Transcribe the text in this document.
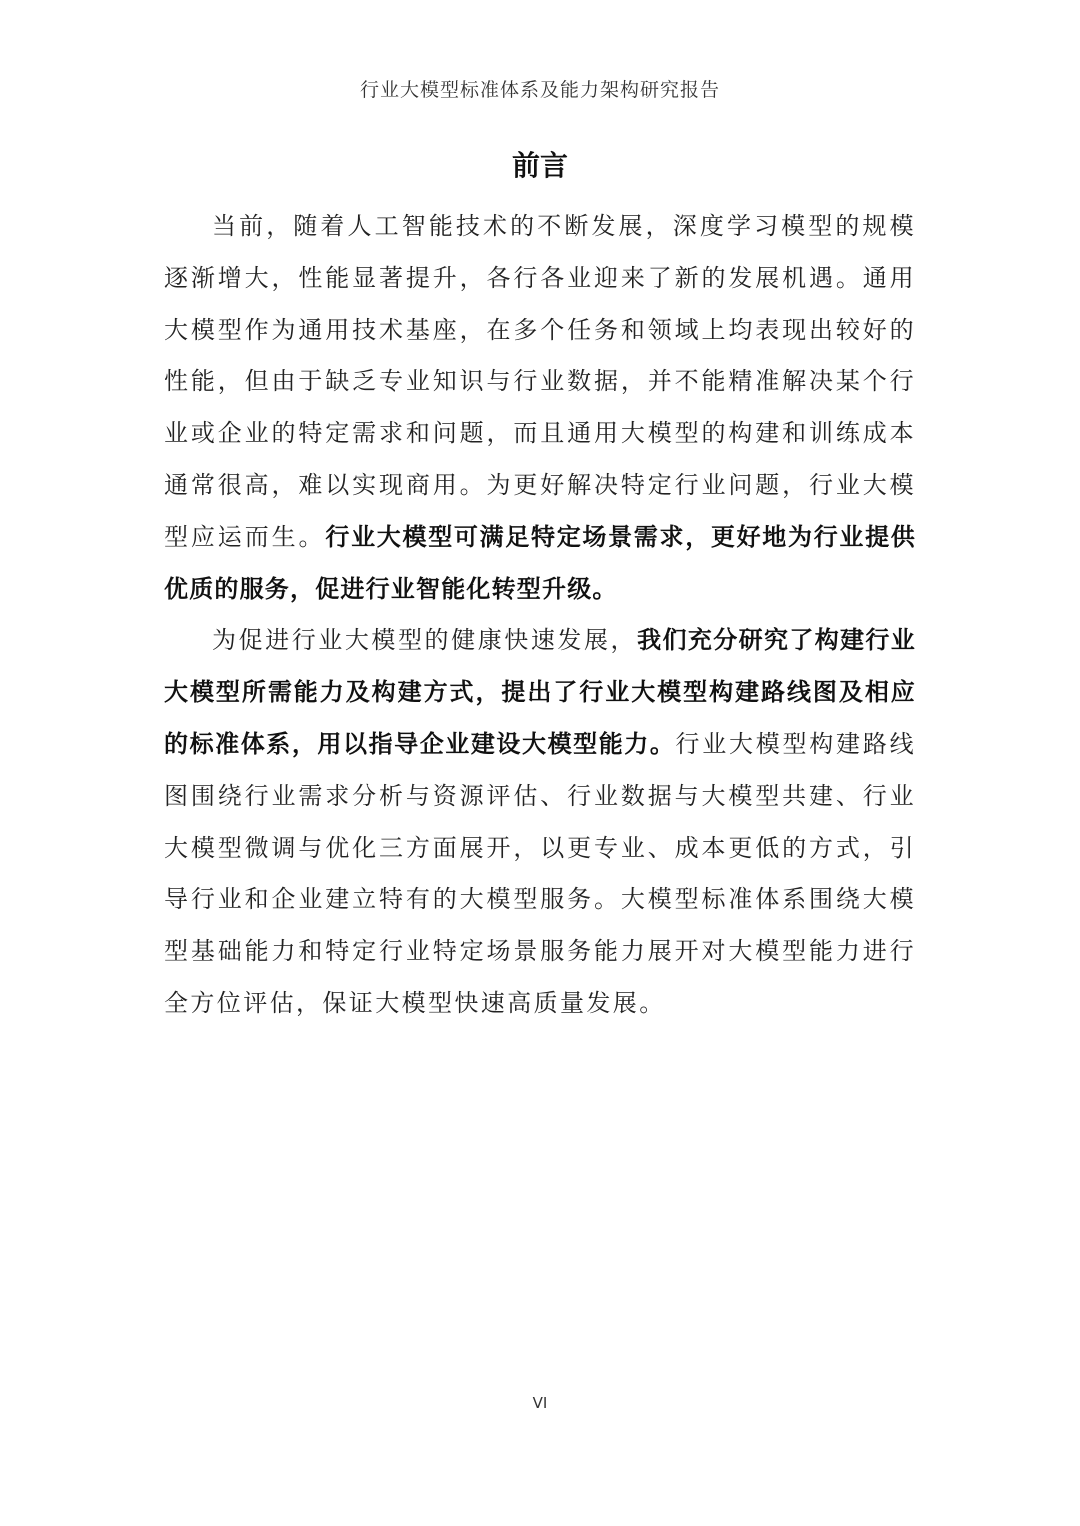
行业大模型标准体系及能力架构研究报告
前言

当前，随着人工智能技术的不断发展，深度学习模型的规模逐渐增大，性能显著提升，各行各业迎来了新的发展机遇。通用大模型作为通用技术基座，在多个任务和领域上均表现出较好的性能，但由于缺乏专业知识与行业数据，并不能精准解决某个行业或企业的特定需求和问题，而且通用大模型的构建和训练成本通常很高，难以实现商用。为更好解决特定行业问题，行业大模型应运而生。行业大模型可满足特定场景需求，更好地为行业提供优质的服务，促进行业智能化转型升级。

为促进行业大模型的健康快速发展，我们充分研究了构建行业大模型所需能力及构建方式，提出了行业大模型构建路线图及相应的标准体系，用以指导企业建设大模型能力。行业大模型构建路线图围绕行业需求分析与资源评估、行业数据与大模型共建、行业大模型微调与优化三方面展开，以更专业、成本更低的方式，引导行业和企业建立特有的大模型服务。大模型标准体系围绕大模型基础能力和特定行业特定场景服务能力展开对大模型能力进行全方位评估，保证大模型快速高质量发展。

VI
